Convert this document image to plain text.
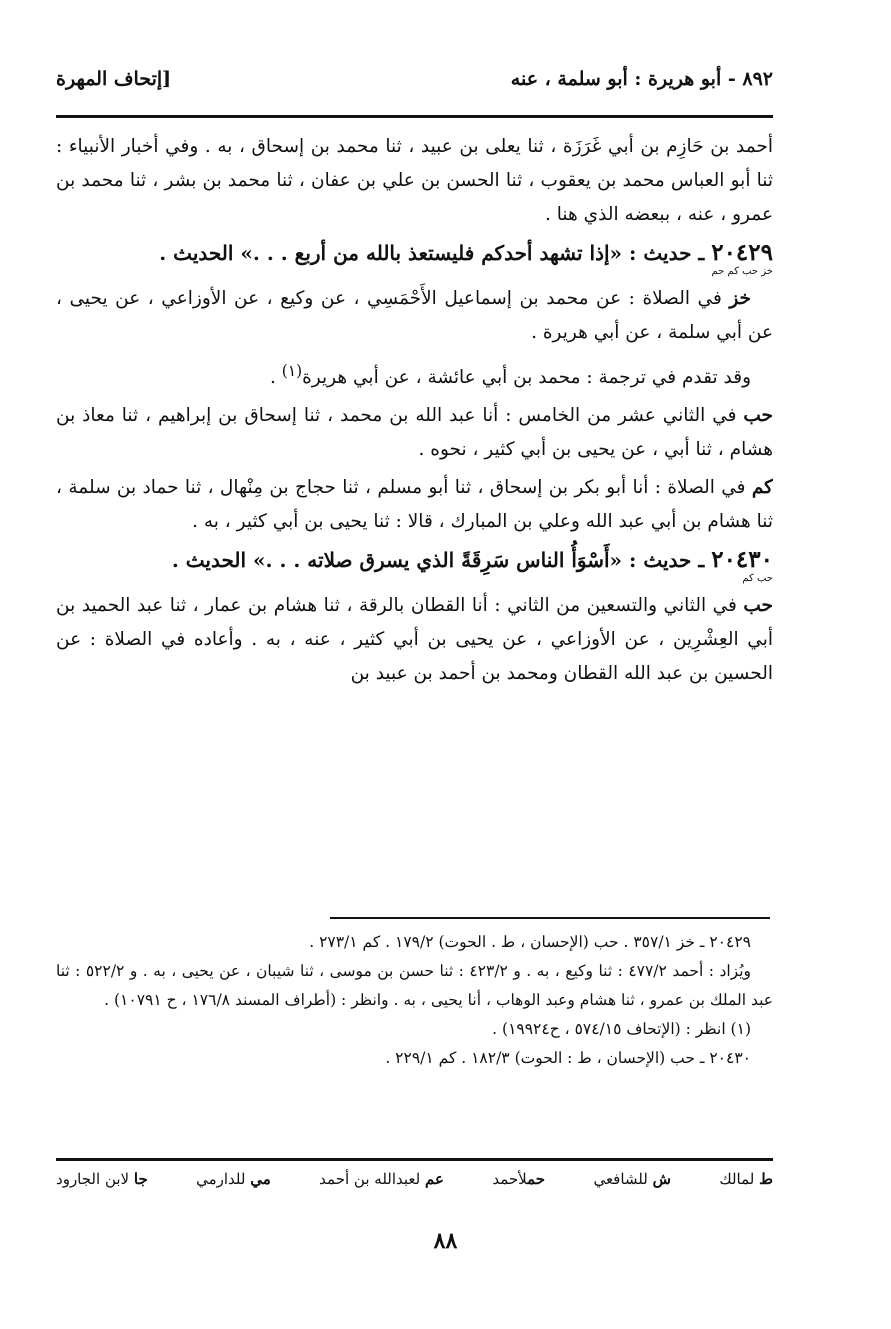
٨٩٢ - أبو هريرة : أبو سلمة ، عنه
[إتحاف المهرة

أحمد بن حَازِم بن أبي غَرَزَة ، ثنا يعلى بن عبيد ، ثنا محمد بن إسحاق ، به . وفي أخبار الأنبياء : ثنا أبو العباس محمد بن يعقوب ، ثنا الحسن بن علي بن عفان ، ثنا محمد بن بشر ، ثنا محمد بن عمرو ، عنه ، ببعضه الذي هنا .

٢٠٤٢٩ ـ حديث : «إذا تشهد أحدكم فليستعذ بالله من أربع . . .» الحديث .
خز حب كم حم

خز في الصلاة : عن محمد بن إسماعيل الأَحْمَسِي ، عن وكيع ، عن الأوزاعي ، عن يحيى ، عن أبي سلمة ، عن أبي هريرة .

وقد تقدم في ترجمة : محمد بن أبي عائشة ، عن أبي هريرة$^{(١)}$ .

حب في الثاني عشر من الخامس : أنا عبد الله بن محمد ، ثنا إسحاق بن إبراهيم ، ثنا معاذ بن هشام ، ثنا أبي ، عن يحيى بن أبي كثير ، نحوه .

كم في الصلاة : أنا أبو بكر بن إسحاق ، ثنا أبو مسلم ، ثنا حجاج بن مِنْهال ، ثنا حماد بن سلمة ، ثنا هشام بن أبي عبد الله وعلي بن المبارك ، قالا : ثنا يحيى بن أبي كثير ، به .

٢٠٤٣٠ ـ حديث : «أَسْوَأُ الناس سَرِقَةً الذي يسرق صلاته . . .» الحديث .
حب كم

حب في الثاني والتسعين من الثاني : أنا القطان بالرقة ، ثنا هشام بن عمار ، ثنا عبد الحميد بن أبي العِشْرِين ، عن الأوزاعي ، عن يحيى بن أبي كثير ، عنه ، به . وأعاده في الصلاة : عن الحسين بن عبد الله القطان ومحمد بن أحمد بن عبيد بن

٢٠٤٢٩ ـ خز ٣٥٧/١ . حب (الإحسان ، ط . الحوت) ١٧٩/٢ . كم ٢٧٣/١ .

ويُزاد : أحمد ٤٧٧/٢ : ثنا وكيع ، به . و ٤٢٣/٢ : ثنا حسن بن موسى ، ثنا شيبان ، عن يحيى ، به . و ٥٢٢/٢ : ثنا عبد الملك بن عمرو ، ثنا هشام وعبد الوهاب ، أنا يحيى ، به . وانظر : (أطراف المسند ١٧٦/٨ ، ح ١٠٧٩١) .

(١) انظر : (الإتحاف ٥٧٤/١٥ ، ح١٩٩٢٤) .

٢٠٤٣٠ ـ حب (الإحسان ، ط : الحوت) ١٨٢/٣ . كم ٢٢٩/١ .

ط لمالك
ش للشافعي
حملأحمد
عم لعبدالله بن أحمد
مي للدارمي
جا لابن الجارود
٨٨
